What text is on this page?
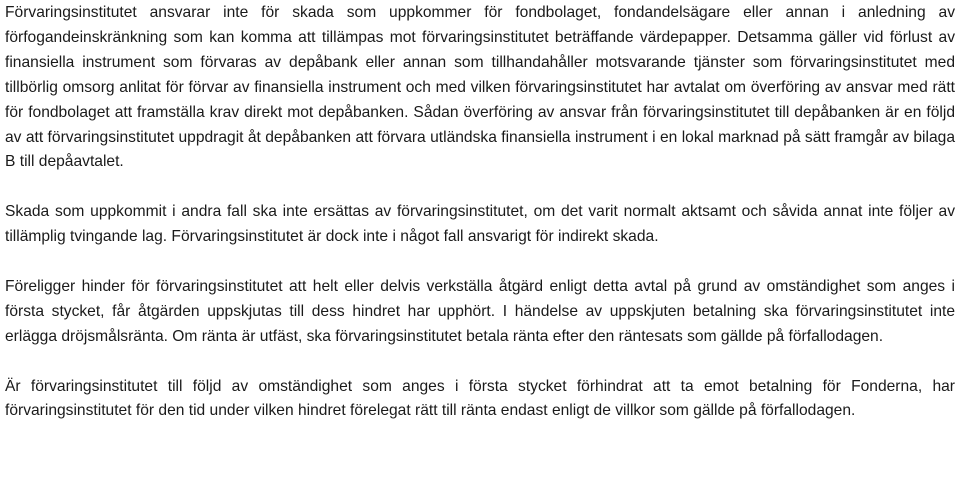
Förvaringsinstitutet ansvarar inte för skada som uppkommer för fondbolaget, fondandelsägare eller annan i anledning av förfogandeinskränkning som kan komma att tillämpas mot förvaringsinstitutet beträffande värdepapper. Detsamma gäller vid förlust av finansiella instrument som förvaras av depåbank eller annan som tillhandahåller motsvarande tjänster som förvaringsinstitutet med tillbörlig omsorg anlitat för förvar av finansiella instrument och med vilken förvaringsinstitutet har avtalat om överföring av ansvar med rätt för fondbolaget att framställa krav direkt mot depåbanken. Sådan överföring av ansvar från förvaringsinstitutet till depåbanken är en följd av att förvaringsinstitutet uppdragit åt depåbanken att förvara utländska finansiella instrument i en lokal marknad på sätt framgår av bilaga B till depåavtalet.

Skada som uppkommit i andra fall ska inte ersättas av förvaringsinstitutet, om det varit normalt aktsamt och såvida annat inte följer av tillämplig tvingande lag. Förvaringsinstitutet är dock inte i något fall ansvarigt för indirekt skada.

Föreligger hinder för förvaringsinstitutet att helt eller delvis verkställa åtgärd enligt detta avtal på grund av omständighet som anges i första stycket, får åtgärden uppskjutas till dess hindret har upphört. I händelse av uppskjuten betalning ska förvaringsinstitutet inte erlägga dröjsmålsränta. Om ränta är utfäst, ska förvaringsinstitutet betala ränta efter den räntesats som gällde på förfallodagen.

Är förvaringsinstitutet till följd av omständighet som anges i första stycket förhindrat att ta emot betalning för Fonderna, har förvaringsinstitutet för den tid under vilken hindret förelegat rätt till ränta endast enligt de villkor som gällde på förfallodagen.
